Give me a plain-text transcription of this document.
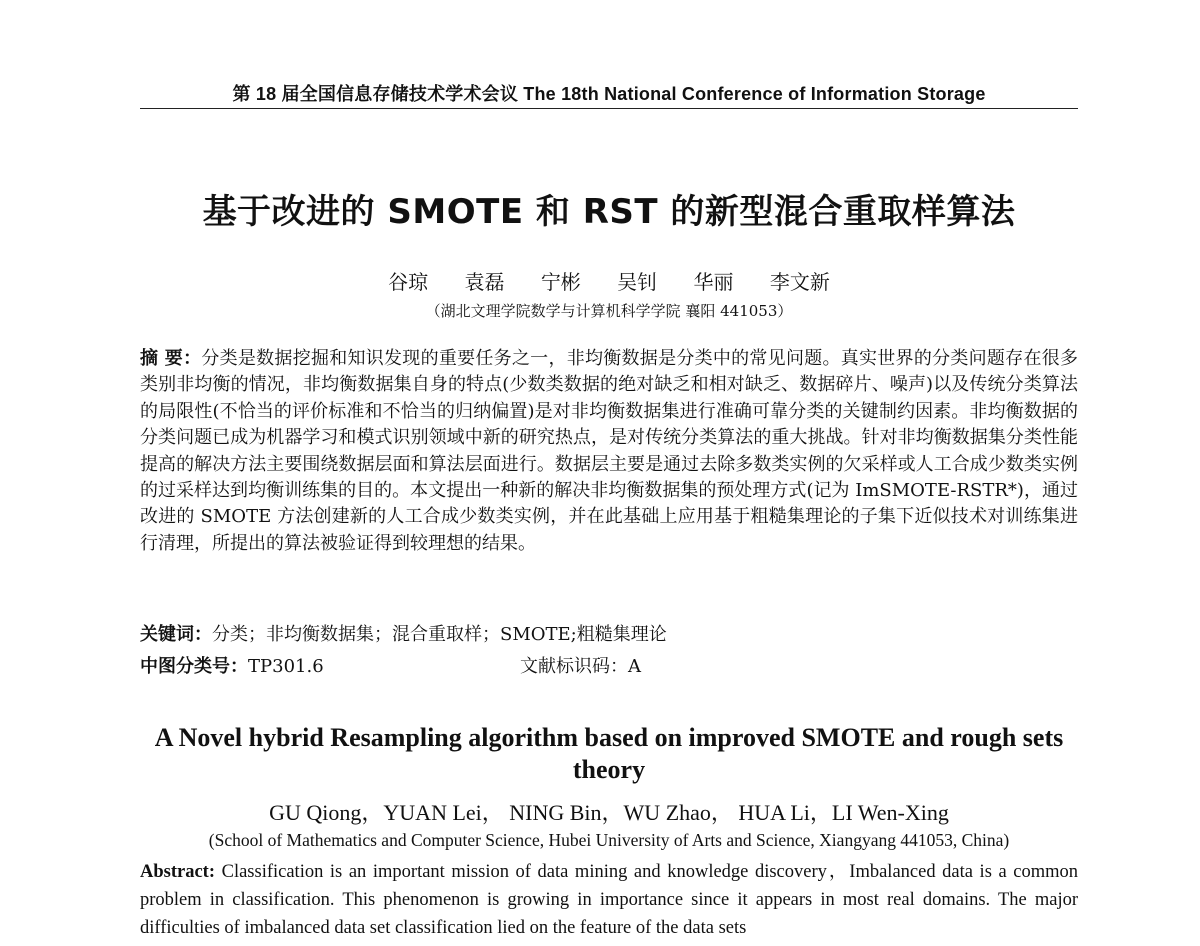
第 18 届全国信息存储技术学术会议 The 18th National Conference of Information Storage
基于改进的 SMOTE 和 RST 的新型混合重取样算法
谷琼 袁磊 宁彬 吴钊 华丽 李文新
（湖北文理学院数学与计算机科学学院 襄阳 441053）
摘 要：分类是数据挖掘和知识发现的重要任务之一，非均衡数据是分类中的常见问题。真实世界的分类问题存在很多类别非均衡的情况，非均衡数据集自身的特点(少数类数据的绝对缺乏和相对缺乏、数据碎片、噪声)以及传统分类算法的局限性(不恰当的评价标准和不恰当的归纳偏置)是对非均衡数据集进行准确可靠分类的关键制约因素。非均衡数据的分类问题已成为机器学习和模式识别领域中新的研究热点，是对传统分类算法的重大挑战。针对非均衡数据集分类性能提高的解决方法主要围绕数据层面和算法层面进行。数据层主要是通过去除多数类实例的欠采样或人工合成少数类实例的过采样达到均衡训练集的目的。本文提出一种新的解决非均衡数据集的预处理方式(记为 ImSMOTE-RSTR*)，通过改进的 SMOTE 方法创建新的人工合成少数类实例，并在此基础上应用基于粗糙集理论的子集下近似技术对训练集进行清理，所提出的算法被验证得到较理想的结果。
关键词：分类；非均衡数据集；混合重取样；SMOTE;粗糙集理论
中图分类号：TP301.6	文献标识码：A
A Novel hybrid Resampling algorithm based on improved SMOTE and rough sets theory
GU Qiong，YUAN Lei， NING Bin，WU Zhao， HUA Li，LI Wen-Xing
(School of Mathematics and Computer Science, Hubei University of Arts and Science, Xiangyang 441053, China)
Abstract: Classification is an important mission of data mining and knowledge discovery，Imbalanced data is a common problem in classification. This phenomenon is growing in importance since it appears in most real domains. The major difficulties of imbalanced data set classification lied on the feature of the data sets
